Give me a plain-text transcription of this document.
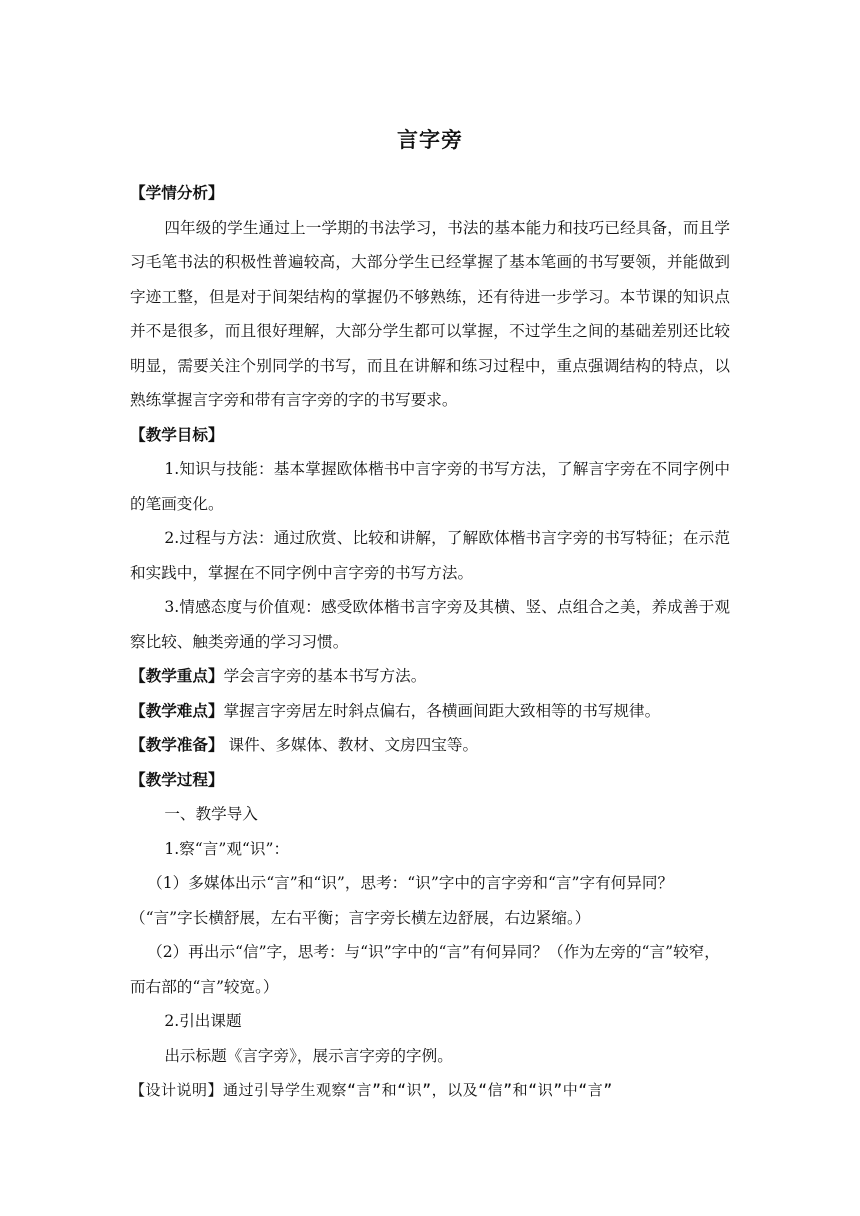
言字旁

【学情分析】

四年级的学生通过上一学期的书法学习，书法的基本能力和技巧已经具备，而且学习毛笔书法的积极性普遍较高，大部分学生已经掌握了基本笔画的书写要领，并能做到字迹工整，但是对于间架结构的掌握仍不够熟练，还有待进一步学习。本节课的知识点并不是很多，而且很好理解，大部分学生都可以掌握，不过学生之间的基础差别还比较明显，需要关注个别同学的书写，而且在讲解和练习过程中，重点强调结构的特点，以熟练掌握言字旁和带有言字旁的字的书写要求。

【教学目标】

1.知识与技能：基本掌握欧体楷书中言字旁的书写方法，了解言字旁在不同字例中的笔画变化。

2.过程与方法：通过欣赏、比较和讲解，了解欧体楷书言字旁的书写特征；在示范和实践中，掌握在不同字例中言字旁的书写方法。

3.情感态度与价值观：感受欧体楷书言字旁及其横、竖、点组合之美，养成善于观察比较、触类旁通的学习习惯。

【教学重点】学会言字旁的基本书写方法。

【教学难点】掌握言字旁居左时斜点偏右，各横画间距大致相等的书写规律。

【教学准备】 课件、多媒体、教材、文房四宝等。

【教学过程】

一、教学导入

1.察“言”观“识”：

（1）多媒体出示“言”和“识”，思考：“识”字中的言字旁和“言”字有何异同？（“言”字长横舒展，左右平衡；言字旁长横左边舒展，右边紧缩。）

（2）再出示“信”字，思考：与“识”字中的“言”有何异同？（作为左旁的“言”较窄，而右部的“言”较宽。）

2.引出课题

出示标题《言字旁》，展示言字旁的字例。

【设计说明】通过引导学生观察“言”和“识”，以及“信”和“识”中“言”
